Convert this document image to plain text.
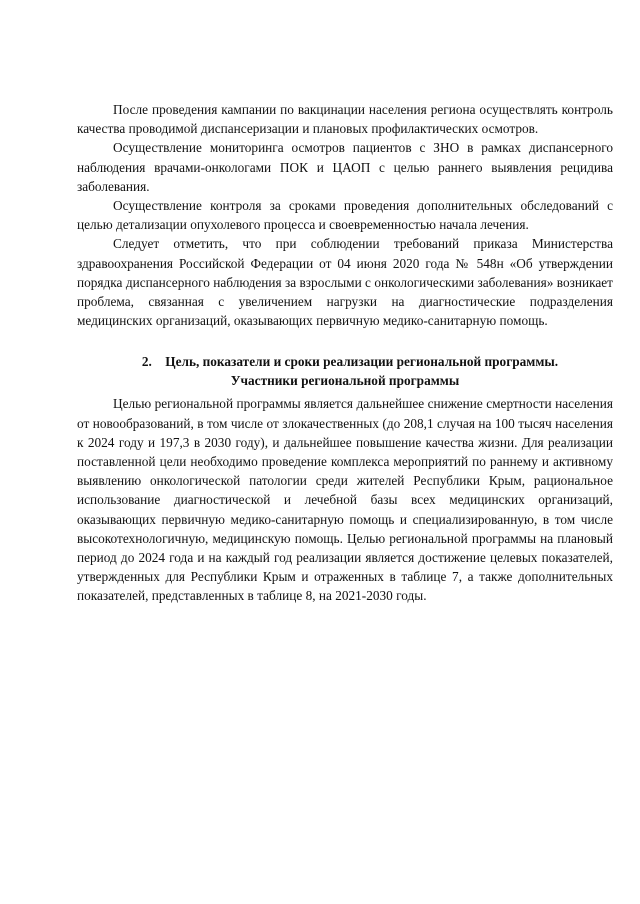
После проведения кампании по вакцинации населения региона осуществлять контроль качества проводимой диспансеризации и плановых профилактических осмотров.

Осуществление мониторинга осмотров пациентов с ЗНО в рамках диспансерного наблюдения врачами-онкологами ПОК и ЦАОП с целью раннего выявления рецидива заболевания.

Осуществление контроля за сроками проведения дополнительных обследований с целью детализации опухолевого процесса и своевременностью начала лечения.

Следует отметить, что при соблюдении требований приказа Министерства здравоохранения Российской Федерации от 04 июня 2020 года № 548н «Об утверждении порядка диспансерного наблюдения за взрослыми с онкологическими заболевания» возникает проблема, связанная с увеличением нагрузки на диагностические подразделения медицинских организаций, оказывающих первичную медико-санитарную помощь.

2. Цель, показатели и сроки реализации региональной программы.
Участники региональной программы

Целью региональной программы является дальнейшее снижение смертности населения от новообразований, в том числе от злокачественных (до 208,1 случая на 100 тысяч населения к 2024 году и 197,3 в 2030 году), и дальнейшее повышение качества жизни. Для реализации поставленной цели необходимо проведение комплекса мероприятий по раннему и активному выявлению онкологической патологии среди жителей Республики Крым, рациональное использование диагностической и лечебной базы всех медицинских организаций, оказывающих первичную медико-санитарную помощь и специализированную, в том числе высокотехнологичную, медицинскую помощь. Целью региональной программы на плановый период до 2024 года и на каждый год реализации является достижение целевых показателей, утвержденных для Республики Крым и отраженных в таблице 7, а также дополнительных показателей, представленных в таблице 8, на 2021-2030 годы.
